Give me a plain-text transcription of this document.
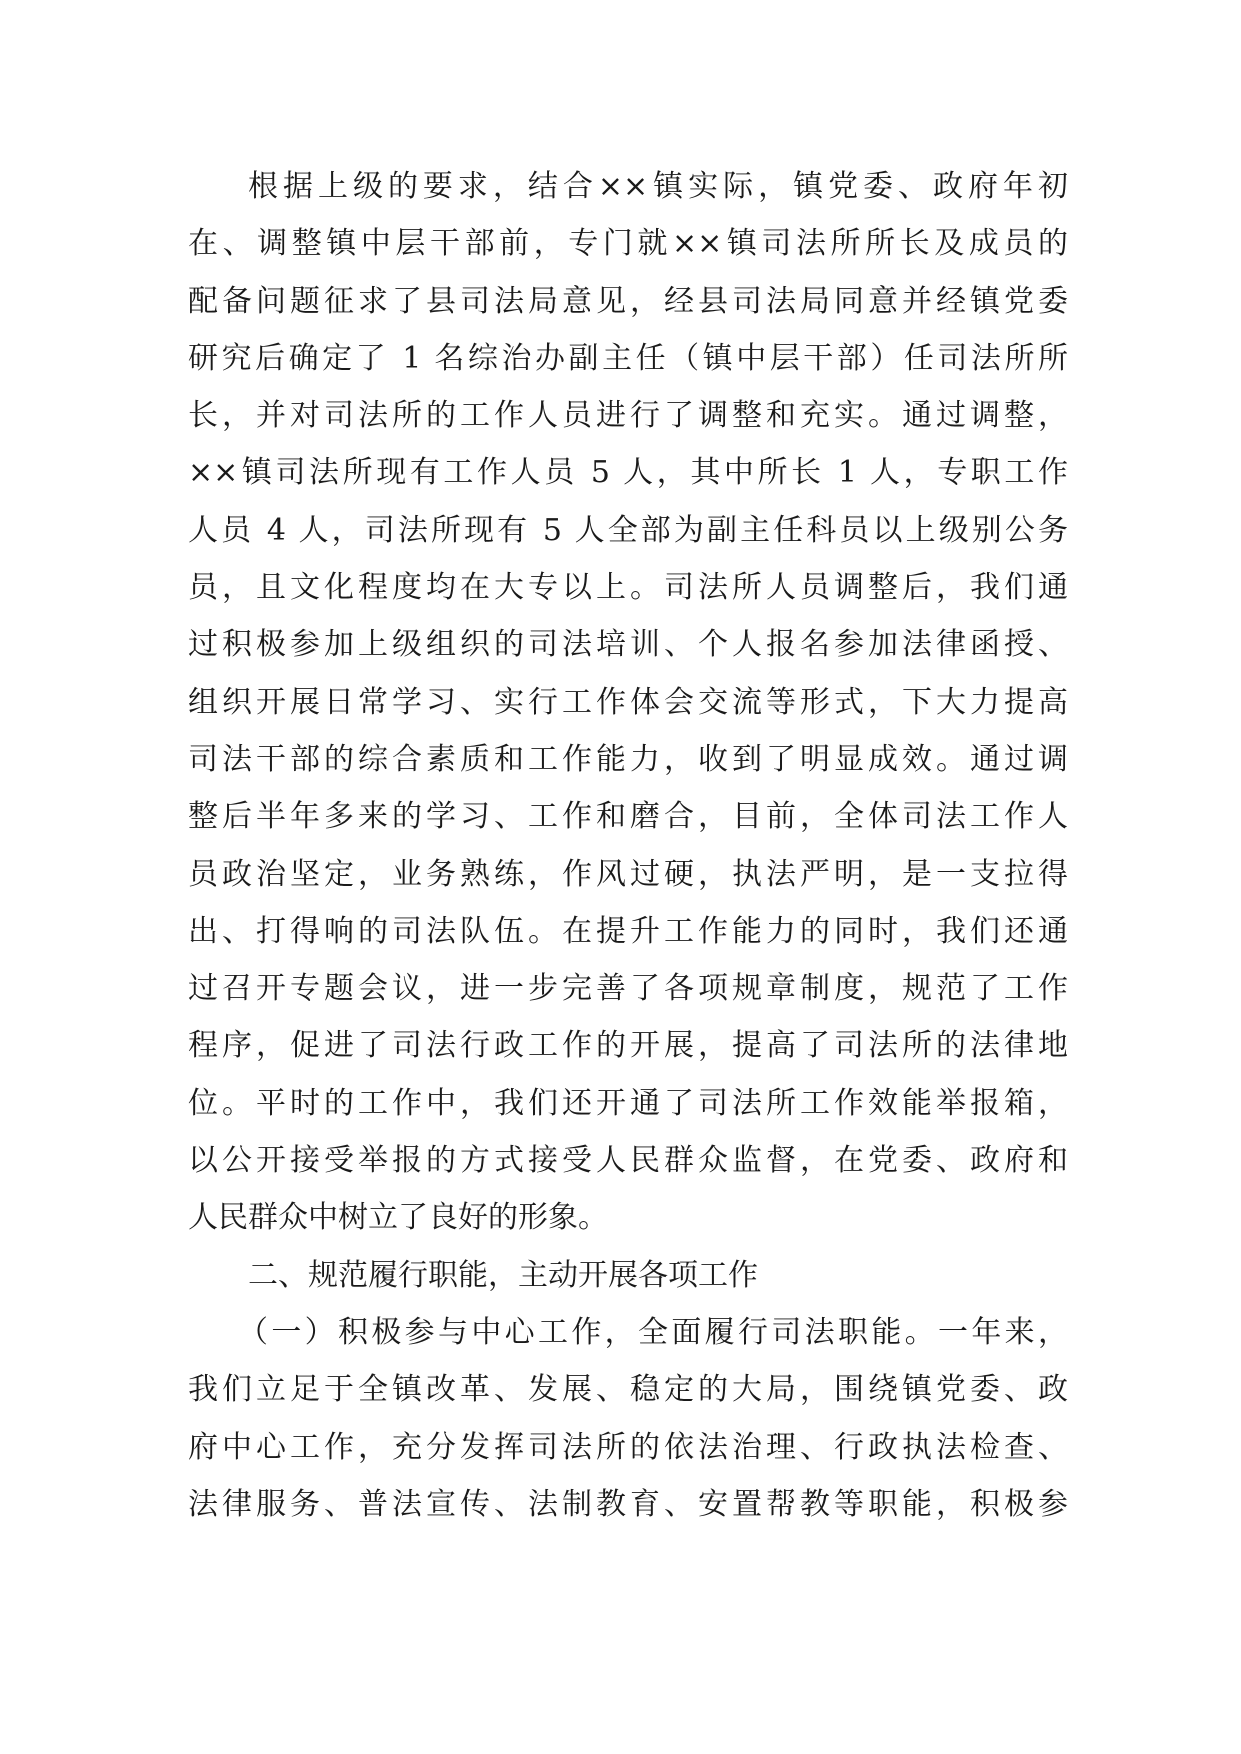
根据上级的要求，结合××镇实际，镇党委、政府年初
在、调整镇中层干部前，专门就××镇司法所所长及成员的
配备问题征求了县司法局意见，经县司法局同意并经镇党委
研究后确定了 1 名综治办副主任（镇中层干部）任司法所所
长，并对司法所的工作人员进行了调整和充实。通过调整，
××镇司法所现有工作人员 5 人，其中所长 1 人，专职工作
人员 4 人，司法所现有 5 人全部为副主任科员以上级别公务
员，且文化程度均在大专以上。司法所人员调整后，我们通
过积极参加上级组织的司法培训、个人报名参加法律函授、
组织开展日常学习、实行工作体会交流等形式，下大力提高
司法干部的综合素质和工作能力，收到了明显成效。通过调
整后半年多来的学习、工作和磨合，目前，全体司法工作人
员政治坚定，业务熟练，作风过硬，执法严明，是一支拉得
出、打得响的司法队伍。在提升工作能力的同时，我们还通
过召开专题会议，进一步完善了各项规章制度，规范了工作
程序，促进了司法行政工作的开展，提高了司法所的法律地
位。平时的工作中，我们还开通了司法所工作效能举报箱，
以公开接受举报的方式接受人民群众监督，在党委、政府和
人民群众中树立了良好的形象。
二、规范履行职能，主动开展各项工作
（一）积极参与中心工作，全面履行司法职能。一年来，
我们立足于全镇改革、发展、稳定的大局，围绕镇党委、政
府中心工作，充分发挥司法所的依法治理、行政执法检查、
法律服务、普法宣传、法制教育、安置帮教等职能，积极参
